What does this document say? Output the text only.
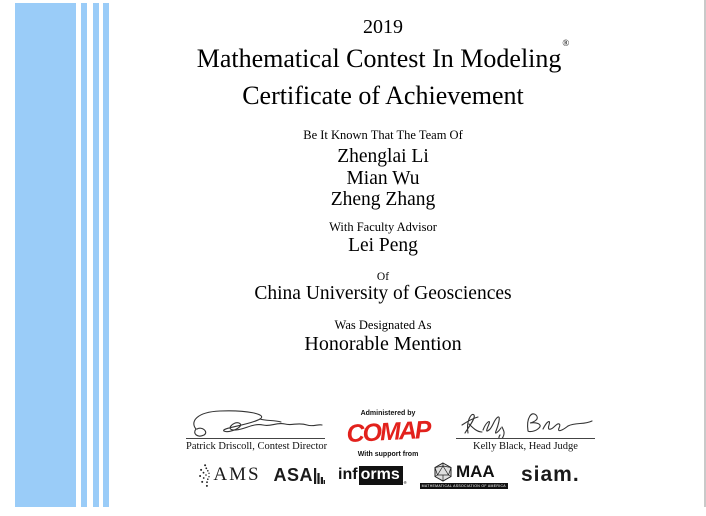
2019
Mathematical Contest In Modeling®
Certificate of Achievement
Be It Known That The Team Of
Zhenglai Li
Mian Wu
Zheng Zhang
With Faculty Advisor
Lei Peng
Of
China University of Geosciences
Was Designated As
Honorable Mention
Patrick Driscoll, Contest Director
Administered by
COMAP
With support from
Kelly Black, Head Judge
AMS ASA inf orms	®
MAA
MATHEMATICAL ASSOCIATION OF AMERICA siam.
